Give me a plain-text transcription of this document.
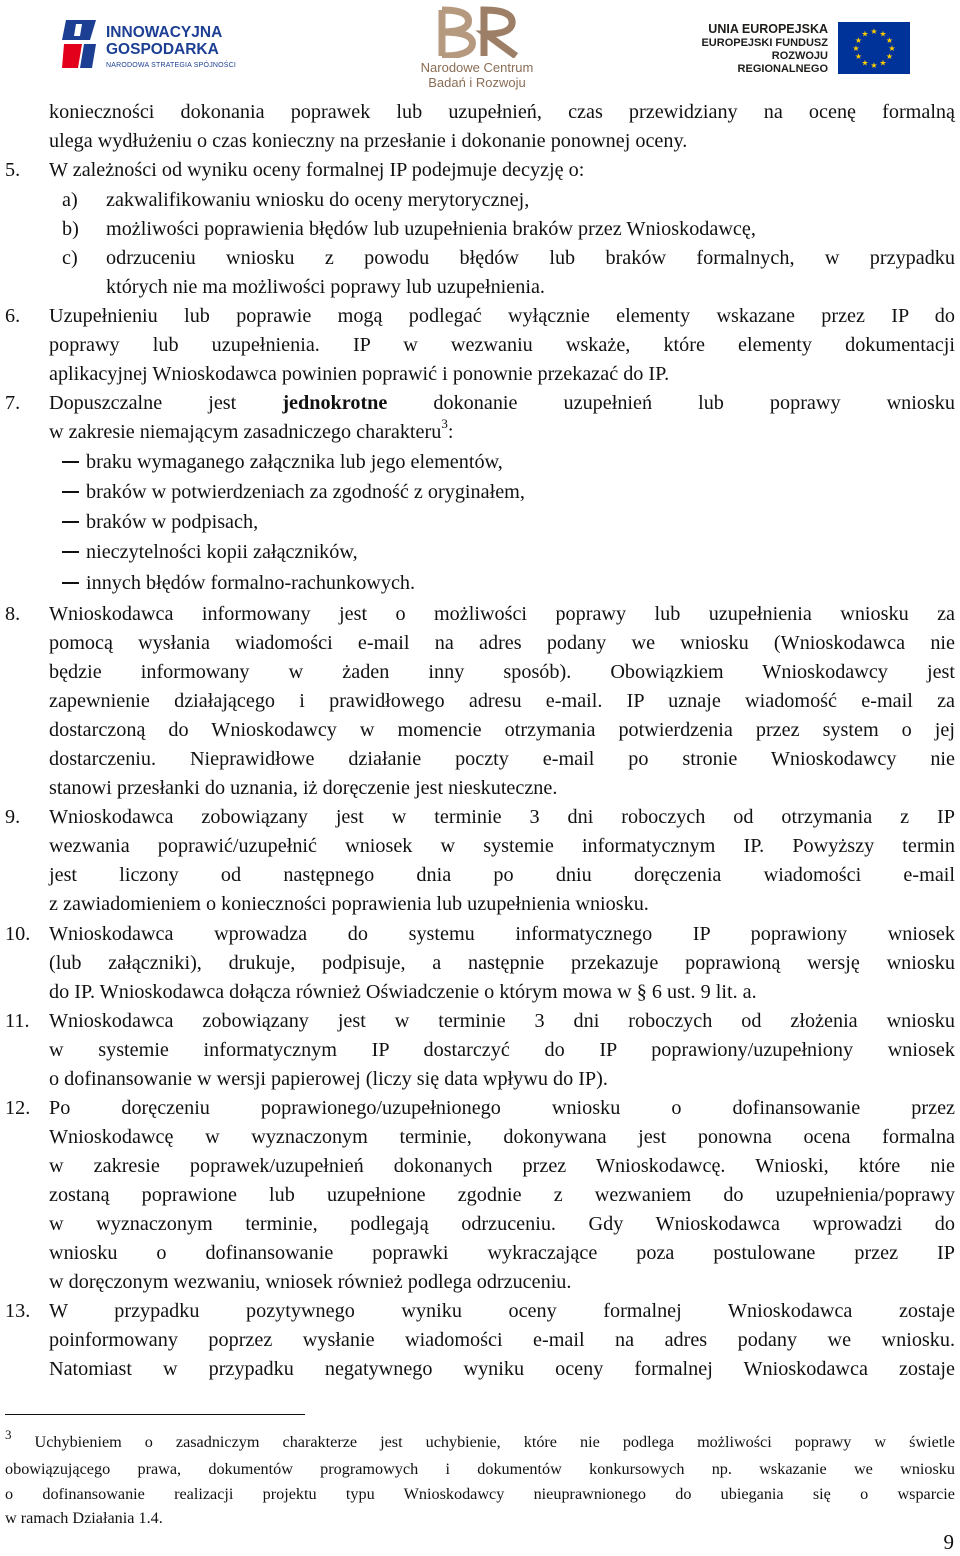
INNOWACYJNA
GOSPODARKA
NARODOWA STRATEGIA SPÓJNOŚCI	Narodowe Centrum
Badań i Rozwoju
UNIA EUROPEJSKA
EUROPEJSKI FUNDUSZ
ROZWOJU REGIONALNEGO
★ ★
★
★
★
★
★
★
★
★
★
★
konieczności dokonania poprawek lub uzupełnień, czas przewidziany na ocenę formalną
ulega wydłużeniu o czas konieczny na przesłanie i dokonanie ponownej oceny.
5. W zależności od wyniku oceny formalnej IP podejmuje decyzję o:
a) zakwalifikowaniu wniosku do oceny merytorycznej,
b) możliwości poprawienia błędów lub uzupełnienia braków przez Wnioskodawcę,
c) odrzuceniu wniosku z powodu błędów lub braków formalnych, w przypadku
których nie ma możliwości poprawy lub uzupełnienia.
6. Uzupełnieniu lub poprawie mogą podlegać wyłącznie elementy wskazane przez IP do
poprawy lub uzupełnienia. IP w wezwaniu wskaże, które elementy dokumentacji
aplikacyjnej Wnioskodawca powinien poprawić i ponownie przekazać do IP.
7. Dopuszczalne jest jednokrotne dokonanie uzupełnień lub poprawy wniosku
w zakresie niemającym zasadniczego charakteru$^3$:
braku wymaganego załącznika lub jego elementów,
braków w potwierdzeniach za zgodność z oryginałem,
braków w podpisach,
nieczytelności kopii załączników,
innych błędów formalno-rachunkowych.
8. Wnioskodawca informowany jest o możliwości poprawy lub uzupełnienia wniosku za
pomocą wysłania wiadomości e-mail na adres podany we wniosku (Wnioskodawca nie
będzie informowany w żaden inny sposób). Obowiązkiem Wnioskodawcy jest
zapewnienie działającego i prawidłowego adresu e-mail. IP uznaje wiadomość e-mail za
dostarczoną do Wnioskodawcy w momencie otrzymania potwierdzenia przez system o jej
dostarczeniu. Nieprawidłowe działanie poczty e-mail po stronie Wnioskodawcy nie
stanowi przesłanki do uznania, iż doręczenie jest nieskuteczne.
9. Wnioskodawca zobowiązany jest w terminie 3 dni roboczych od otrzymania z IP
wezwania poprawić/uzupełnić wniosek w systemie informatycznym IP. Powyższy termin
jest liczony od następnego dnia po dniu doręczenia wiadomości e-mail
z zawiadomieniem o konieczności poprawienia lub uzupełnienia wniosku.
10. Wnioskodawca wprowadza do systemu informatycznego IP poprawiony wniosek
(lub załączniki), drukuje, podpisuje, a następnie przekazuje poprawioną wersję wniosku
do IP. Wnioskodawca dołącza również Oświadczenie o którym mowa w § 6 ust. 9 lit. a.
11. Wnioskodawca zobowiązany jest w terminie 3 dni roboczych od złożenia wniosku
w systemie informatycznym IP dostarczyć do IP poprawiony/uzupełniony wniosek
o dofinansowanie w wersji papierowej (liczy się data wpływu do IP).
12. Po doręczeniu poprawionego/uzupełnionego wniosku o dofinansowanie przez
Wnioskodawcę w wyznaczonym terminie, dokonywana jest ponowna ocena formalna
w zakresie poprawek/uzupełnień dokonanych przez Wnioskodawcę. Wnioski, które nie
zostaną poprawione lub uzupełnione zgodnie z wezwaniem do uzupełnienia/poprawy
w wyznaczonym terminie, podlegają odrzuceniu. Gdy Wnioskodawca wprowadzi do
wniosku o dofinansowanie poprawki wykraczające poza postulowane przez IP
w doręczonym wezwaniu, wniosek również podlega odrzuceniu.
13. W przypadku pozytywnego wyniku oceny formalnej Wnioskodawca zostaje
poinformowany poprzez wysłanie wiadomości e-mail na adres podany we wniosku.
Natomiast w przypadku negatywnego wyniku oceny formalnej Wnioskodawca zostaje
$^3$ Uchybieniem o zasadniczym charakterze jest uchybienie, które nie podlega możliwości poprawy w świetle
obowiązującego prawa, dokumentów programowych i dokumentów konkursowych np. wskazanie we wniosku
o dofinansowanie realizacji projektu typu Wnioskodawcy nieuprawnionego do ubiegania się o wsparcie
w ramach Działania 1.4.
9
